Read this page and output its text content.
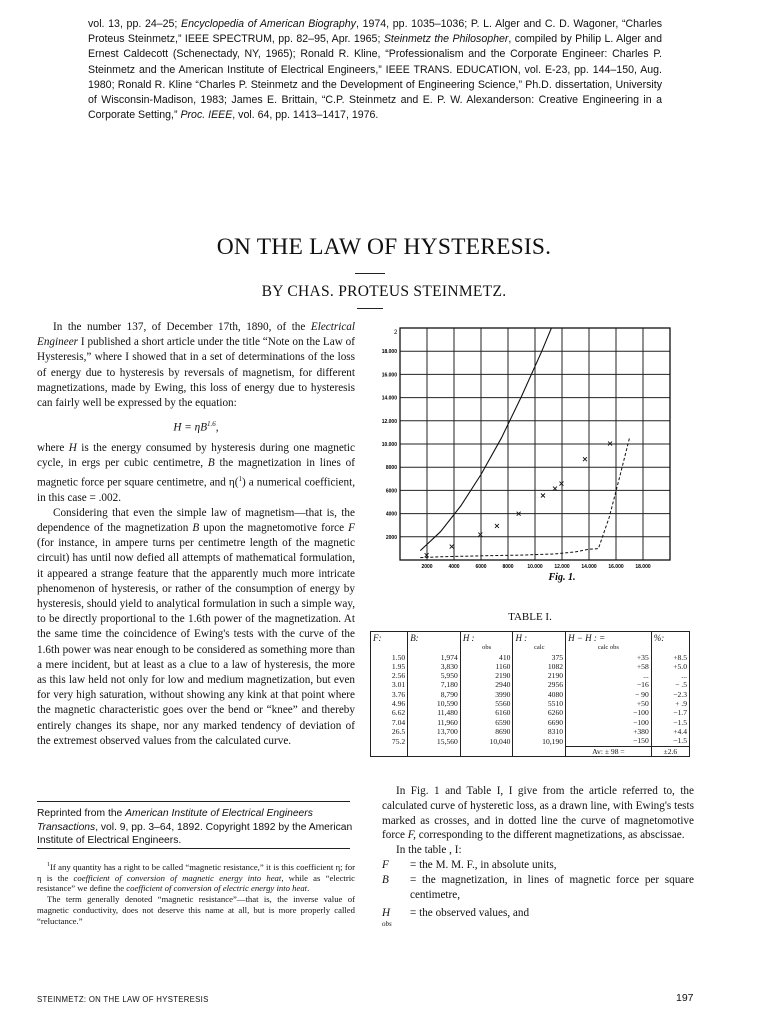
vol. 13, pp. 24–25; Encyclopedia of American Biography, 1974, pp. 1035–1036; P. L. Alger and C. D. Wagoner, “Charles Proteus Steinmetz,” IEEE SPECTRUM, pp. 82–95, Apr. 1965; Steinmetz the Philosopher, compiled by Philip L. Alger and Ernest Caldecott (Schenectady, NY, 1965); Ronald R. Kline, “Professionalism and the Corporate Engineer: Charles P. Steinmetz and the American Institute of Electrical Engineers,” IEEE TRANS. EDUCATION, vol. E-23, pp. 144–150, Aug. 1980; Ronald R. Kline “Charles P. Steinmetz and the Development of Engineering Science,” Ph.D. dissertation, University of Wisconsin-Madison, 1983; James E. Brittain, “C.P. Steinmetz and E. P. W. Alexanderson: Creative Engineering in a Corporate Setting,” Proc. IEEE, vol. 64, pp. 1413–1417, 1976.
ON THE LAW OF HYSTERESIS.
BY CHAS. PROTEUS STEINMETZ.

In the number 137, of December 17th, 1890, of the Electrical Engineer I published a short article under the title “Note on the Law of Hysteresis,” where I showed that in a set of determinations of the loss of energy due to hysteresis by reversals of magnetism, for different magnetizations, made by Ewing, this loss of energy due to hysteresis can fairly well be expressed by the equation:

$H = \eta B^{1.6}$,

where H is the energy consumed by hysteresis during one magnetic cycle, in ergs per cubic centimetre, B the magnetization in lines of magnetic force per square centimetre, and η($^1$) a numerical coefficient, in this case = .002.

Considering that even the simple law of magnetism—that is, the dependence of the magnetization B upon the magnetomotive force F (for instance, in ampere turns per centimetre length of the magnetic circuit) has until now defied all attempts of mathematical formulation, it appeared a strange feature that the apparently much more intricate phenomenon of hysteresis, or rather of the consumption of energy by hysteresis, should yield to analytical formulation in such a simple way, to be directly proportional to the 1.6th power of the magnetization. At the same time the coincidence of Ewing's tests with the curve of the 1.6th power was near enough to be considered as something more than a mere incident, but at least as a clue to a law of hysteresis, the more as this law held not only for low and medium magnetization, but even for very high saturation, without showing any kink at that point where the magnetic characteristic goes over the bend or “knee” and thereby entirely changes its shape, nor any marked tendency of deviation of the extremest observed values from the calculated curve.

Reprinted from the American Institute of Electrical Engineers Transactions, vol. 9, pp. 3–64, 1892. Copyright 1892 by the American Institute of Electrical Engineers.

$^1$If any quantity has a right to be called “magnetic resistance,” it is this coefficient η; for η is the coefficient of conversion of magnetic energy into heat, while as “electric resistance” we define the coefficient of conversion of electric energy into heat.

The term generally denoted “magnetic resistance”—that is, the inverse value of magnetic conductivity, does not deserve this name at all, but is more properly called “reluctance.”

2000
4000
6000
8000
10.000
12.000
14.000
16.000
18.000
2000	4000	6000	8000	10.000 12.000 14.000 16.000 18.000
2
Fig. 1.
TABLE I.
F:	B:	H :	H :	H − H : =	%:
		obs	calc	calc obs	
1.50	1,974	410	375	+35	+8.5
1.95	3,830	1160	1082	+58	+5.0
2.56	5,950	2190	2190	...	...
3.01	7,180	2940	2956	−16	− .5
3.76	8,790	3990	4080	− 90	−2.3
4.96	10,590	5560	5510	+50	+ .9
6.62	11,480	6160	6260	−100	−1.7
7.04	11,960	6590	6690	−100	−1.5
26.5	13,700	8690	8310	+380	+4.4
75.2	15,560	10,040	10,190	−150	−1.5
				Av: ± 98 =	±2.6

In Fig. 1 and Table I, I give from the article referred to, the calculated curve of hysteretic loss, as a drawn line, with Ewing's tests marked as crosses, and in dotted line the curve of magnetomotive force F, corresponding to the different magnetizations, as abscissae.

In the table , I:

F = the M. M. F., in absolute units,

B = the magnetization, in lines of magnetic force per square centimetre,

H
obs
= the observed values, and

STEINMETZ: ON THE LAW OF HYSTERESIS	197
